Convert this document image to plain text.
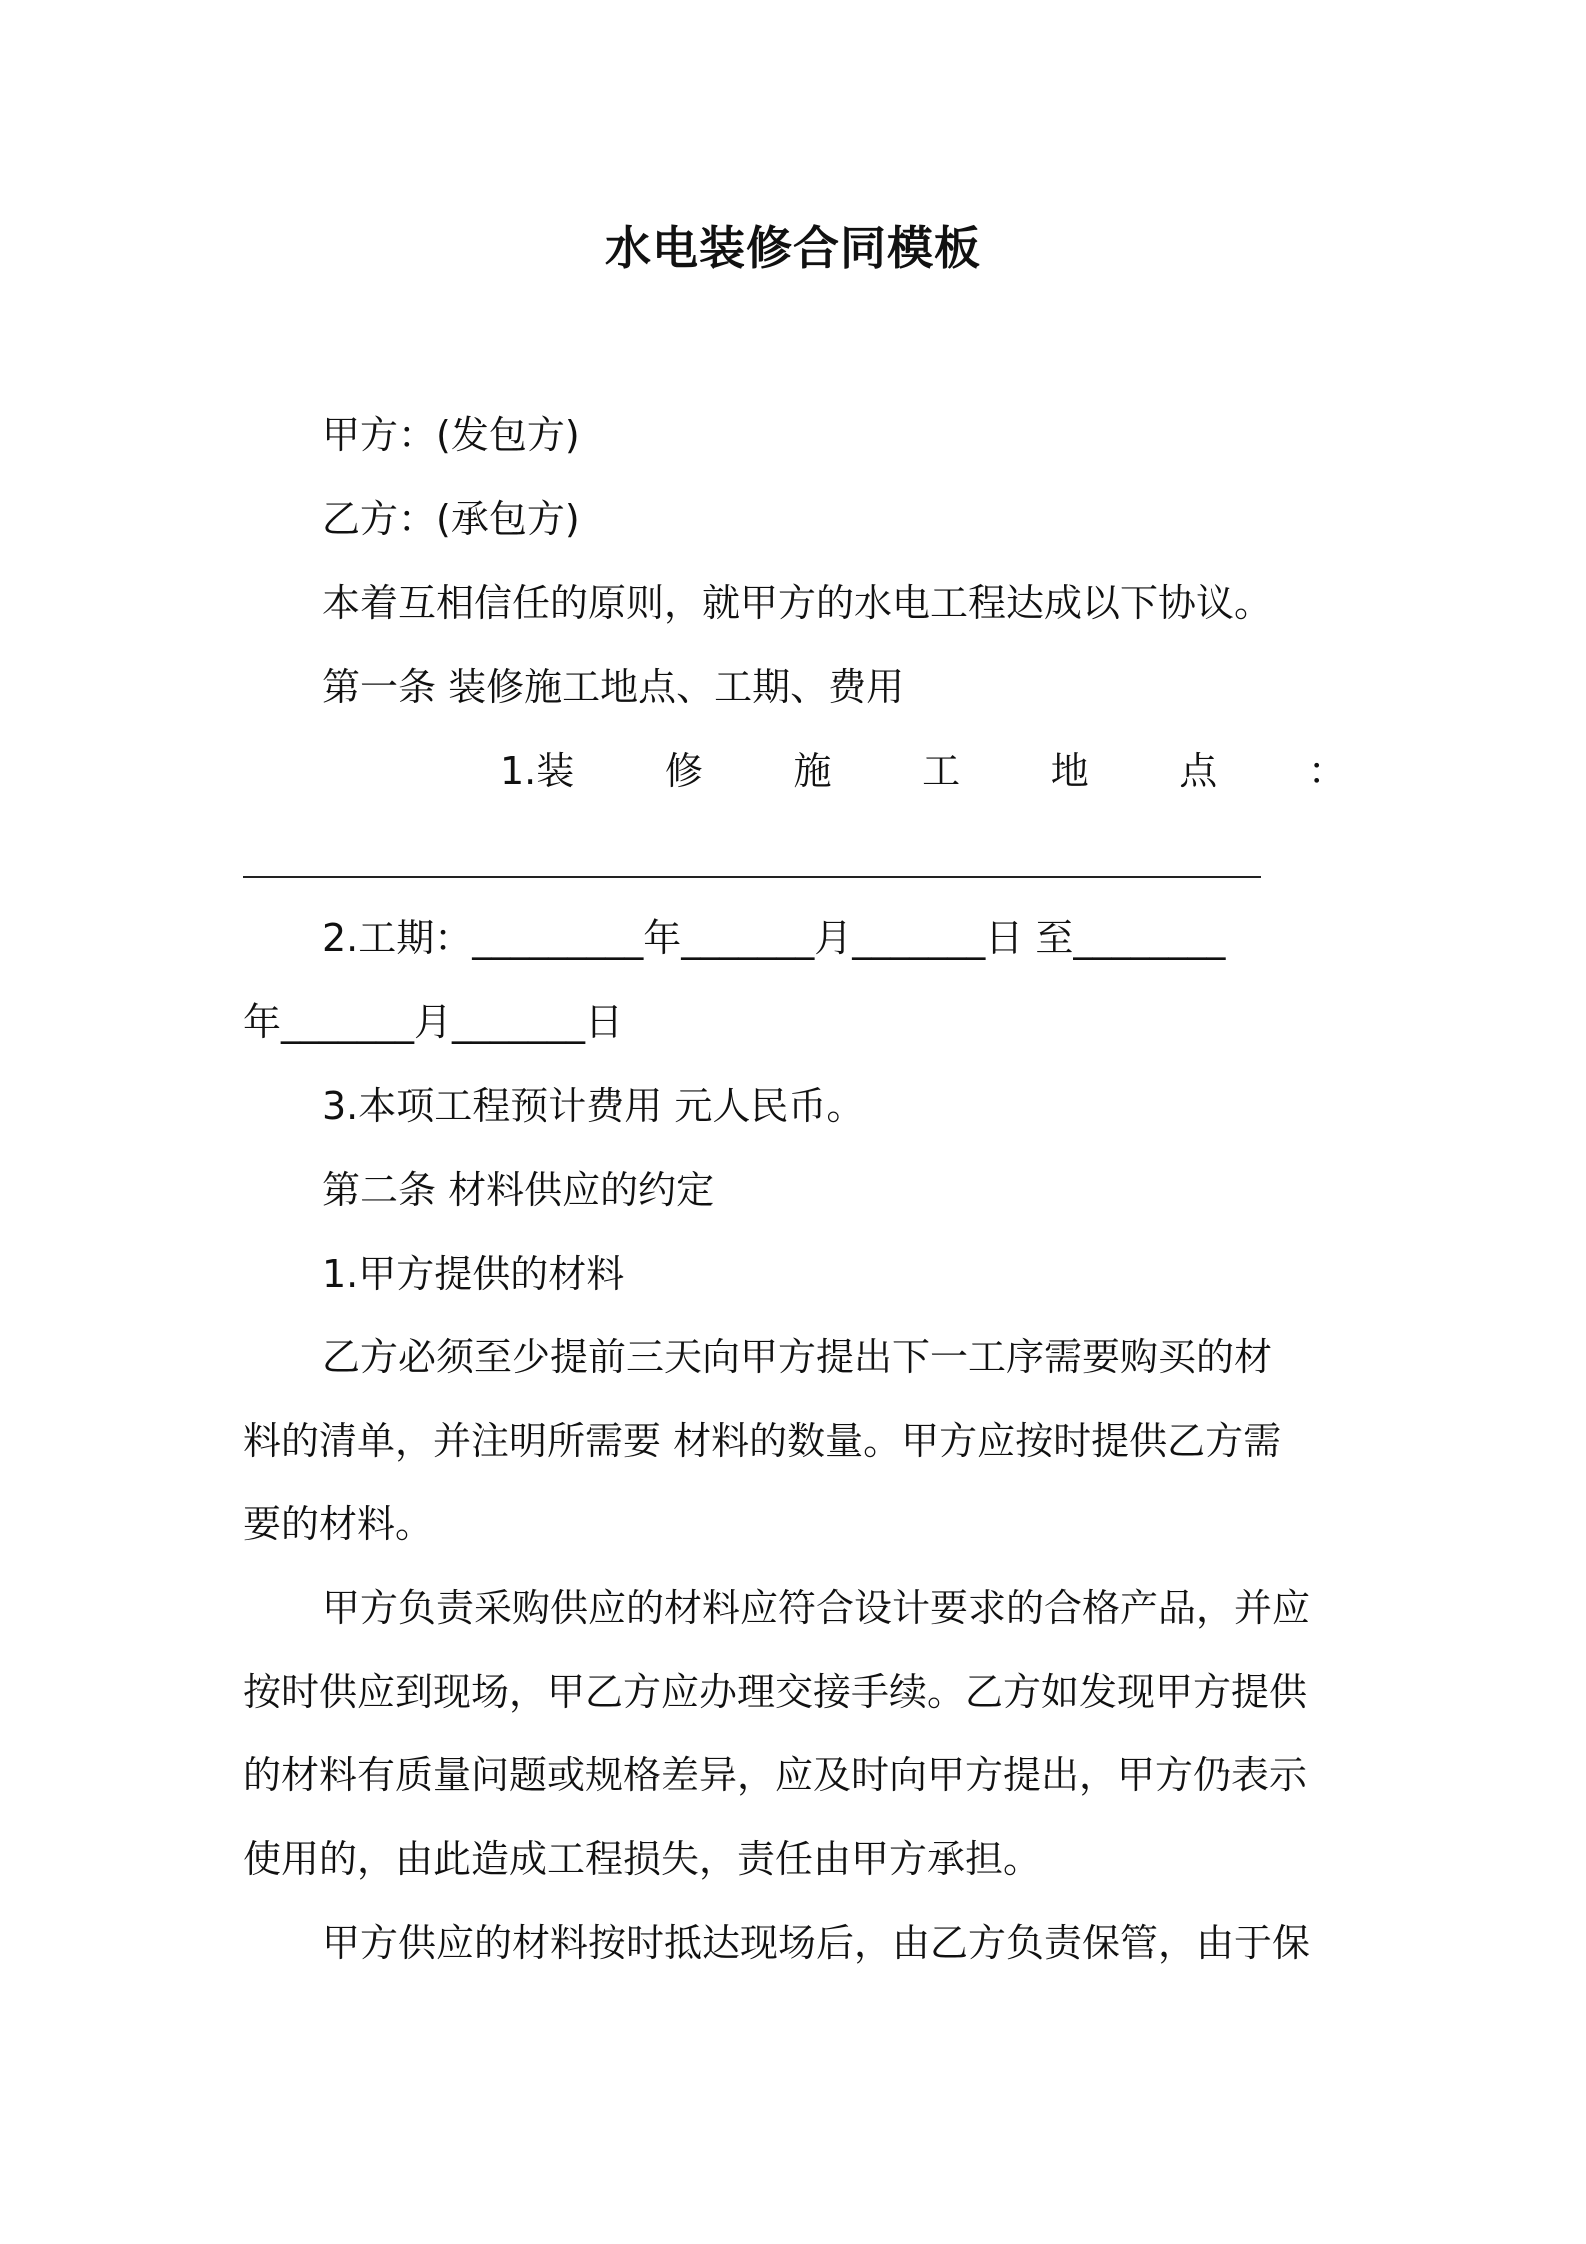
水电装修合同模板
甲方：(发包方)
乙方：(承包方)
本着互相信任的原则，就甲方的水电工程达成以下协议。
第一条 装修施工地点、工期、费用
1.装 修 施 工 地 点 ：
2.工期：_________年_______月_______日 至________
年_______月_______日
3.本项工程预计费用 元人民币。
第二条 材料供应的约定
1.甲方提供的材料
乙方必须至少提前三天向甲方提出下一工序需要购买的材
料的清单，并注明所需要 材料的数量。甲方应按时提供乙方需
要的材料。
甲方负责采购供应的材料应符合设计要求的合格产品，并应
按时供应到现场，甲乙方应办理交接手续。乙方如发现甲方提供
的材料有质量问题或规格差异，应及时向甲方提出，甲方仍表示
使用的，由此造成工程损失，责任由甲方承担。
甲方供应的材料按时抵达现场后，由乙方负责保管，由于保
